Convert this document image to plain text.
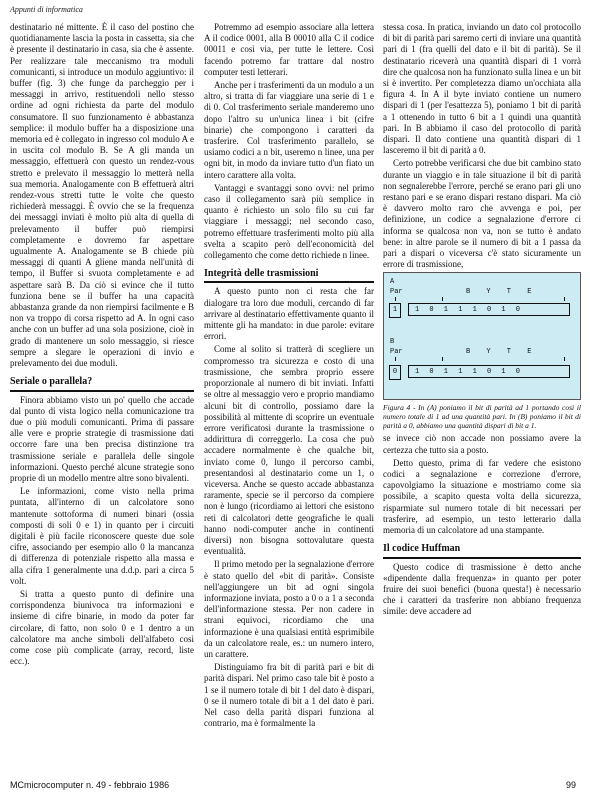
Appunti di informatica

destinatario né mittente. È il caso del postino che quotidianamente lascia la posta in cassetta, sia che è presente il destinatario in casa, sia che è assente. Per realizzare tale meccanismo tra moduli comunicanti, si introduce un modulo aggiuntivo: il buffer (fig. 3) che funge da parcheggio per i messaggi in arrivo, restituendoli nello stesso ordine ad ogni richiesta da parte del modulo consumatore. Il suo funzionamento è abbastanza semplice: il modulo buffer ha a disposizione una memoria ed è collegato in ingresso col modulo A e in uscita col modulo B. Se A gli manda un messaggio, effettuerà con questo un rendez-vous stretto e prelevato il messaggio lo metterà nella sua memoria. Analogamente con B effettuerà altri rendez-vous stretti tutte le volte che questo richiederà messaggi. È ovvio che se la frequenza dei messaggi inviati è molto più alta di quella di prelevamento il buffer può riempirsi completamente e dovremo far aspettare ugualmente A. Analogamente se B chiede più messaggi di quanti A gliene manda nell'unità di tempo, il Buffer si svuota completamente e ad aspettare sarà B. Da ciò si evince che il tutto funziona bene se il buffer ha una capacità abbastanza grande da non riempirsi facilmente e B non va troppo di corsa rispetto ad A. In ogni caso anche con un buffer ad una sola posizione, cioè in grado di mantenere un solo messaggio, si riesce sempre a slegare le operazioni di invio e prelevamento dei due moduli.

Seriale o parallela?

Finora abbiamo visto un po' quello che accade dal punto di vista logico nella comunicazione tra due o più moduli comunicanti. Prima di passare alle vere e proprie strategie di trasmissione dati occorre fare una ben precisa distinzione tra trasmissione seriale e parallela delle singole informazioni. Questo perché alcune strategie sono proprie di un modello mentre altre sono bivalenti.

Le informazioni, come visto nella prima puntata, all'interno di un calcolatore sono mantenute sottoforma di numeri binari (ossia composti di soli 0 e 1) in quanto per i circuiti digitali è più facile riconoscere queste due sole cifre, associando per esempio allo 0 la mancanza di differenza di potenziale rispetto alla massa e alla cifra 1 generalmente una d.d.p. pari a circa 5 volt.

Si tratta a questo punto di definire una corrispondenza biunivoca tra informazioni e insieme di cifre binarie, in modo da poter far circolare, di fatto, non solo 0 e 1 dentro a un calcolatore ma anche simboli dell'alfabeto così come cose più complicate (array, record, liste ecc.).

Potremmo ad esempio associare alla lettera A il codice 0001, alla B 00010 alla C il codice 00011 e così via, per tutte le lettere. Così facendo potremo far trattare dal nostro computer testi letterari.

Anche per i trasferimenti da un modulo a un altro, si tratta di far viaggiare una serie di 1 e di 0. Col trasferimento seriale manderemo uno dopo l'altro su un'unica linea i bit (cifre binarie) che compongono i caratteri da trasferire. Col trasferimento parallelo, se usiamo codici a n bit, useremo n linee, una per ogni bit, in modo da inviare tutto d'un fiato un intero carattere alla volta.

Vantaggi e svantaggi sono ovvi: nel primo caso il collegamento sarà più semplice in quanto è richiesto un solo filo su cui far viaggiare i messaggi; nel secondo caso, potremo effettuare trasferimenti molto più alla svelta a scapito però dell'economicità del collegamento che come detto richiede n linee.

Integrità delle trasmissioni

A questo punto non ci resta che far dialogare tra loro due moduli, cercando di far arrivare al destinatario effettivamente quanto il mittente gli ha mandato: in due parole: evitare errori.

Come al solito si tratterà di scegliere un compromesso tra sicurezza e costo di una trasmissione, che sembra proprio essere proporzionale al numero di bit inviati. Infatti se oltre al messaggio vero e proprio mandiamo alcuni bit di controllo, possiamo dare la possibilità al mittente di scoprire un eventuale errore verificatosi durante la trasmissione o addirittura di correggerlo. La cosa che può accadere normalmente è che qualche bit, inviato come 0, lungo il percorso cambi, presentandosi al destinatario come un 1, o viceversa. Anche se questo accade abbastanza raramente, specie se il percorso da compiere non è lungo (ricordiamo ai lettori che esistono reti di calcolatori dette geografiche le quali hanno nodi-computer anche in continenti diversi) non bisogna sottovalutare questa eventualità.

Il primo metodo per la segnalazione d'errore è stato quello del «bit di parità». Consiste nell'aggiungere un bit ad ogni singola informazione inviata, posto a 0 o a 1 a seconda dell'informazione stessa. Per non cadere in strani equivoci, ricordiamo che una informazione è una qualsiasi entità esprimibile da un calcolatore reale, es.: un numero intero, un carattere.

Distinguiamo fra bit di parità pari e bit di parità dispari. Nel primo caso tale bit è posto a 1 se il numero totale di bit 1 del dato è dispari, 0 se il numero totale di bit a 1 del dato è pari. Nel caso della parità dispari funziona al contrario, ma è formalmente la

stessa cosa. In pratica, inviando un dato col protocollo di bit di parità pari saremo certi di inviare una quantità pari di 1 (fra quelli del dato e il bit di parità). Se il destinatario riceverà una quantità dispari di 1 vorrà dire che qualcosa non ha funzionato sulla linea e un bit si è invertito. Per completezza diamo un'occhiata alla figura 4. In A il byte inviato contiene un numero dispari di 1 (per l'esattezza 5), poniamo 1 bit di parità a 1 ottenendo in tutto 6 bit a 1 quindi una quantità pari. In B abbiamo il caso del protocollo di parità dispari. Il dato contiene una quantità dispari di 1 lasceremo il bit di parità a 0.

Certo potrebbe verificarsi che due bit cambino stato durante un viaggio e in tale situazione il bit di parità non segnalerebbe l'errore, perché se erano pari gli uno restano pari e se erano dispari restano dispari. Ma ciò è davvero molto raro che avvenga e poi, per definizione, un codice a segnalazione d'errore ci informa se qualcosa non va, non se tutto è andato bene: in altre parole se il numero di bit a 1 passa da pari a dispari o viceversa c'è stato sicuramente un errore di trasmissione,

A
Par	B Y T E
1	1 0 1 1 1 0 1 0
B
Par	B Y T E
0	1 0 1 1 1 0 1 0
Figura 4 - In (A) poniamo il bit di parità ad 1 portando così il numero totale di 1 ad una quantità pari. In (B) poniamo il bit di parità a 0, abbiamo una quantità dispari di bit a 1.

se invece ciò non accade non possiamo avere la certezza che tutto sia a posto.

Detto questo, prima di far vedere che esistono codici a segnalazione e correzione d'errore, capovolgiamo la situazione e mostriamo come sia possibile, a scapito questa volta della sicurezza, risparmiate sul numero totale di bit necessari per trasferire, ad esempio, un testo letterario dalla memoria di un calcolatore ad una stampante.

Il codice Huffman

Questo codice di trasmissione è detto anche «dipendente dalla frequenza» in quanto per poter fruire dei suoi benefici (buona questa!) è necessario che i caratteri da trasferire non abbiano frequenza simile: deve accadere ad

MCmicrocomputer n. 49 - febbraio 1986	99
